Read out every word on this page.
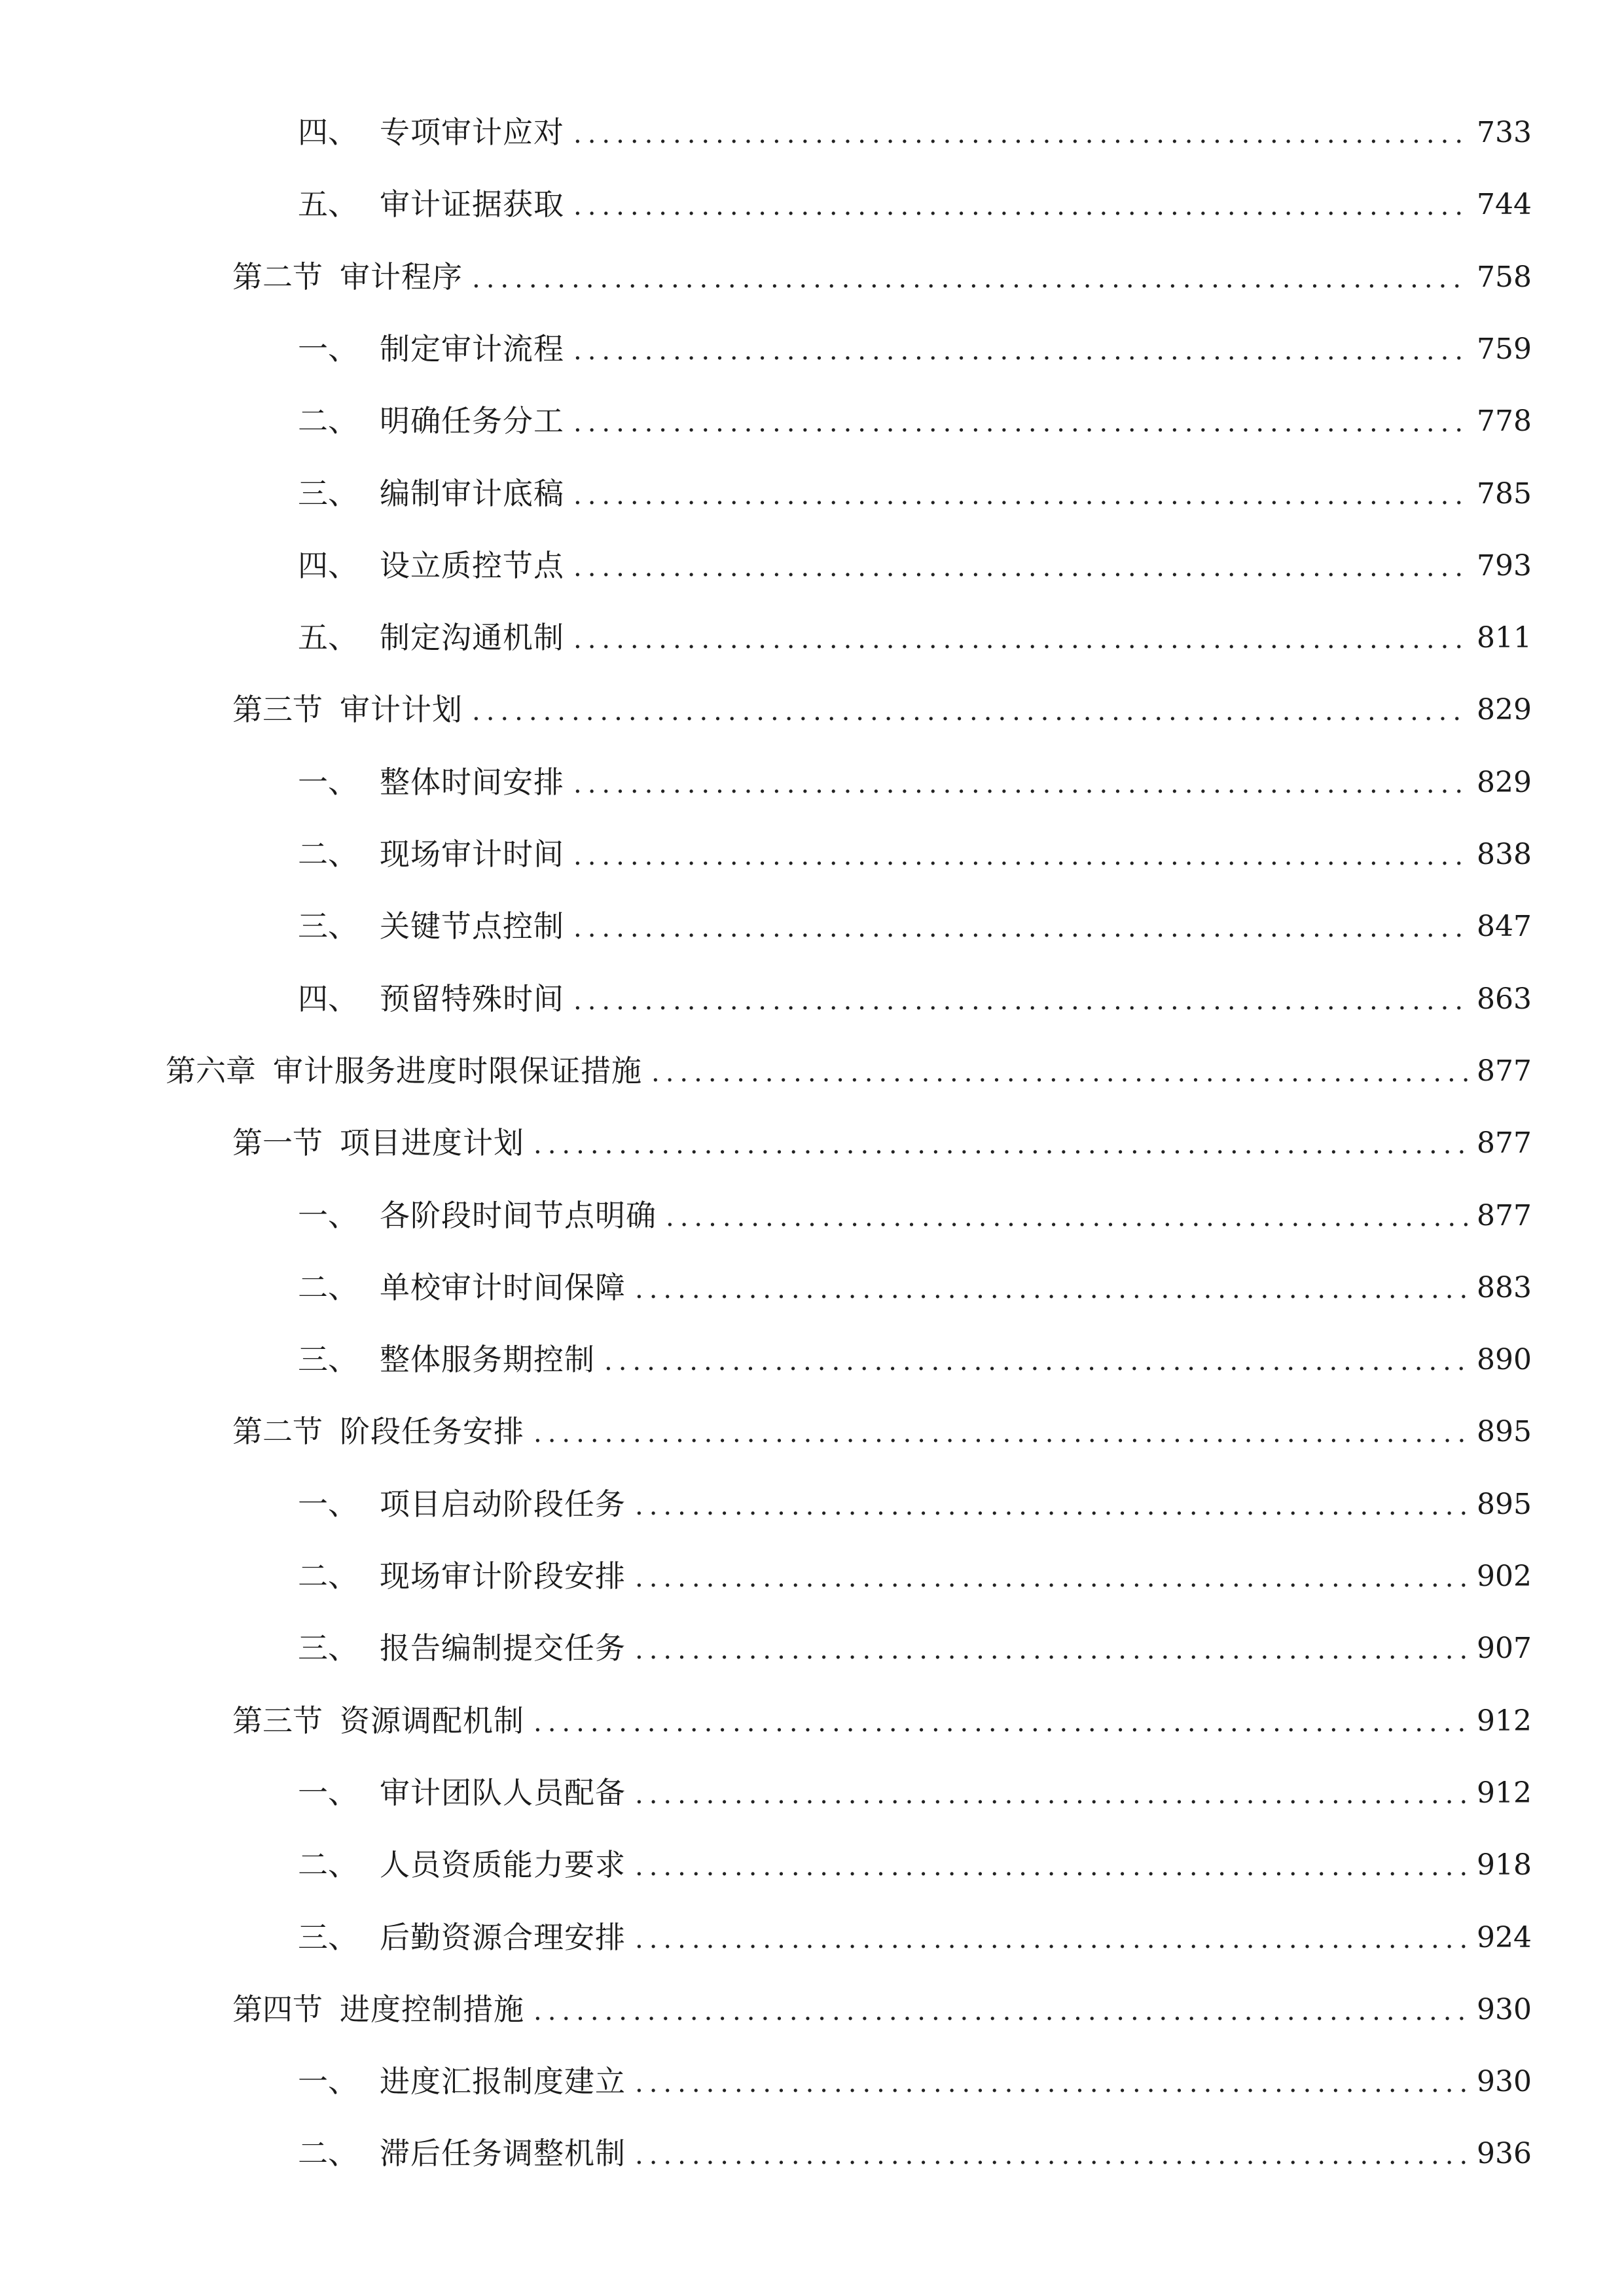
四、 专项审计应对 .....	733
五、 审计证据获取 .....	744
第二节 审计程序 .....	758
一、 制定审计流程 .....	759
二、 明确任务分工 .....	778
三、 编制审计底稿 .....	785
四、 设立质控节点 .....	793
五、 制定沟通机制 .....	811
第三节 审计计划 .....	829
一、 整体时间安排 .....	829
二、 现场审计时间 .....	838
三、 关键节点控制 .....	847
四、 预留特殊时间 .....	863
第六章 审计服务进度时限保证措施 .....	877
第一节 项目进度计划 .....	877
一、 各阶段时间节点明确 .....	877
二、 单校审计时间保障 .....	883
三、 整体服务期控制 .....	890
第二节 阶段任务安排 .....	895
一、 项目启动阶段任务 .....	895
二、 现场审计阶段安排 .....	902
三、 报告编制提交任务 .....	907
第三节 资源调配机制 .....	912
一、 审计团队人员配备 .....	912
二、 人员资质能力要求 .....	918
三、 后勤资源合理安排 .....	924
第四节 进度控制措施 .....	930
一、 进度汇报制度建立 .....	930
二、 滞后任务调整机制 .....	936
